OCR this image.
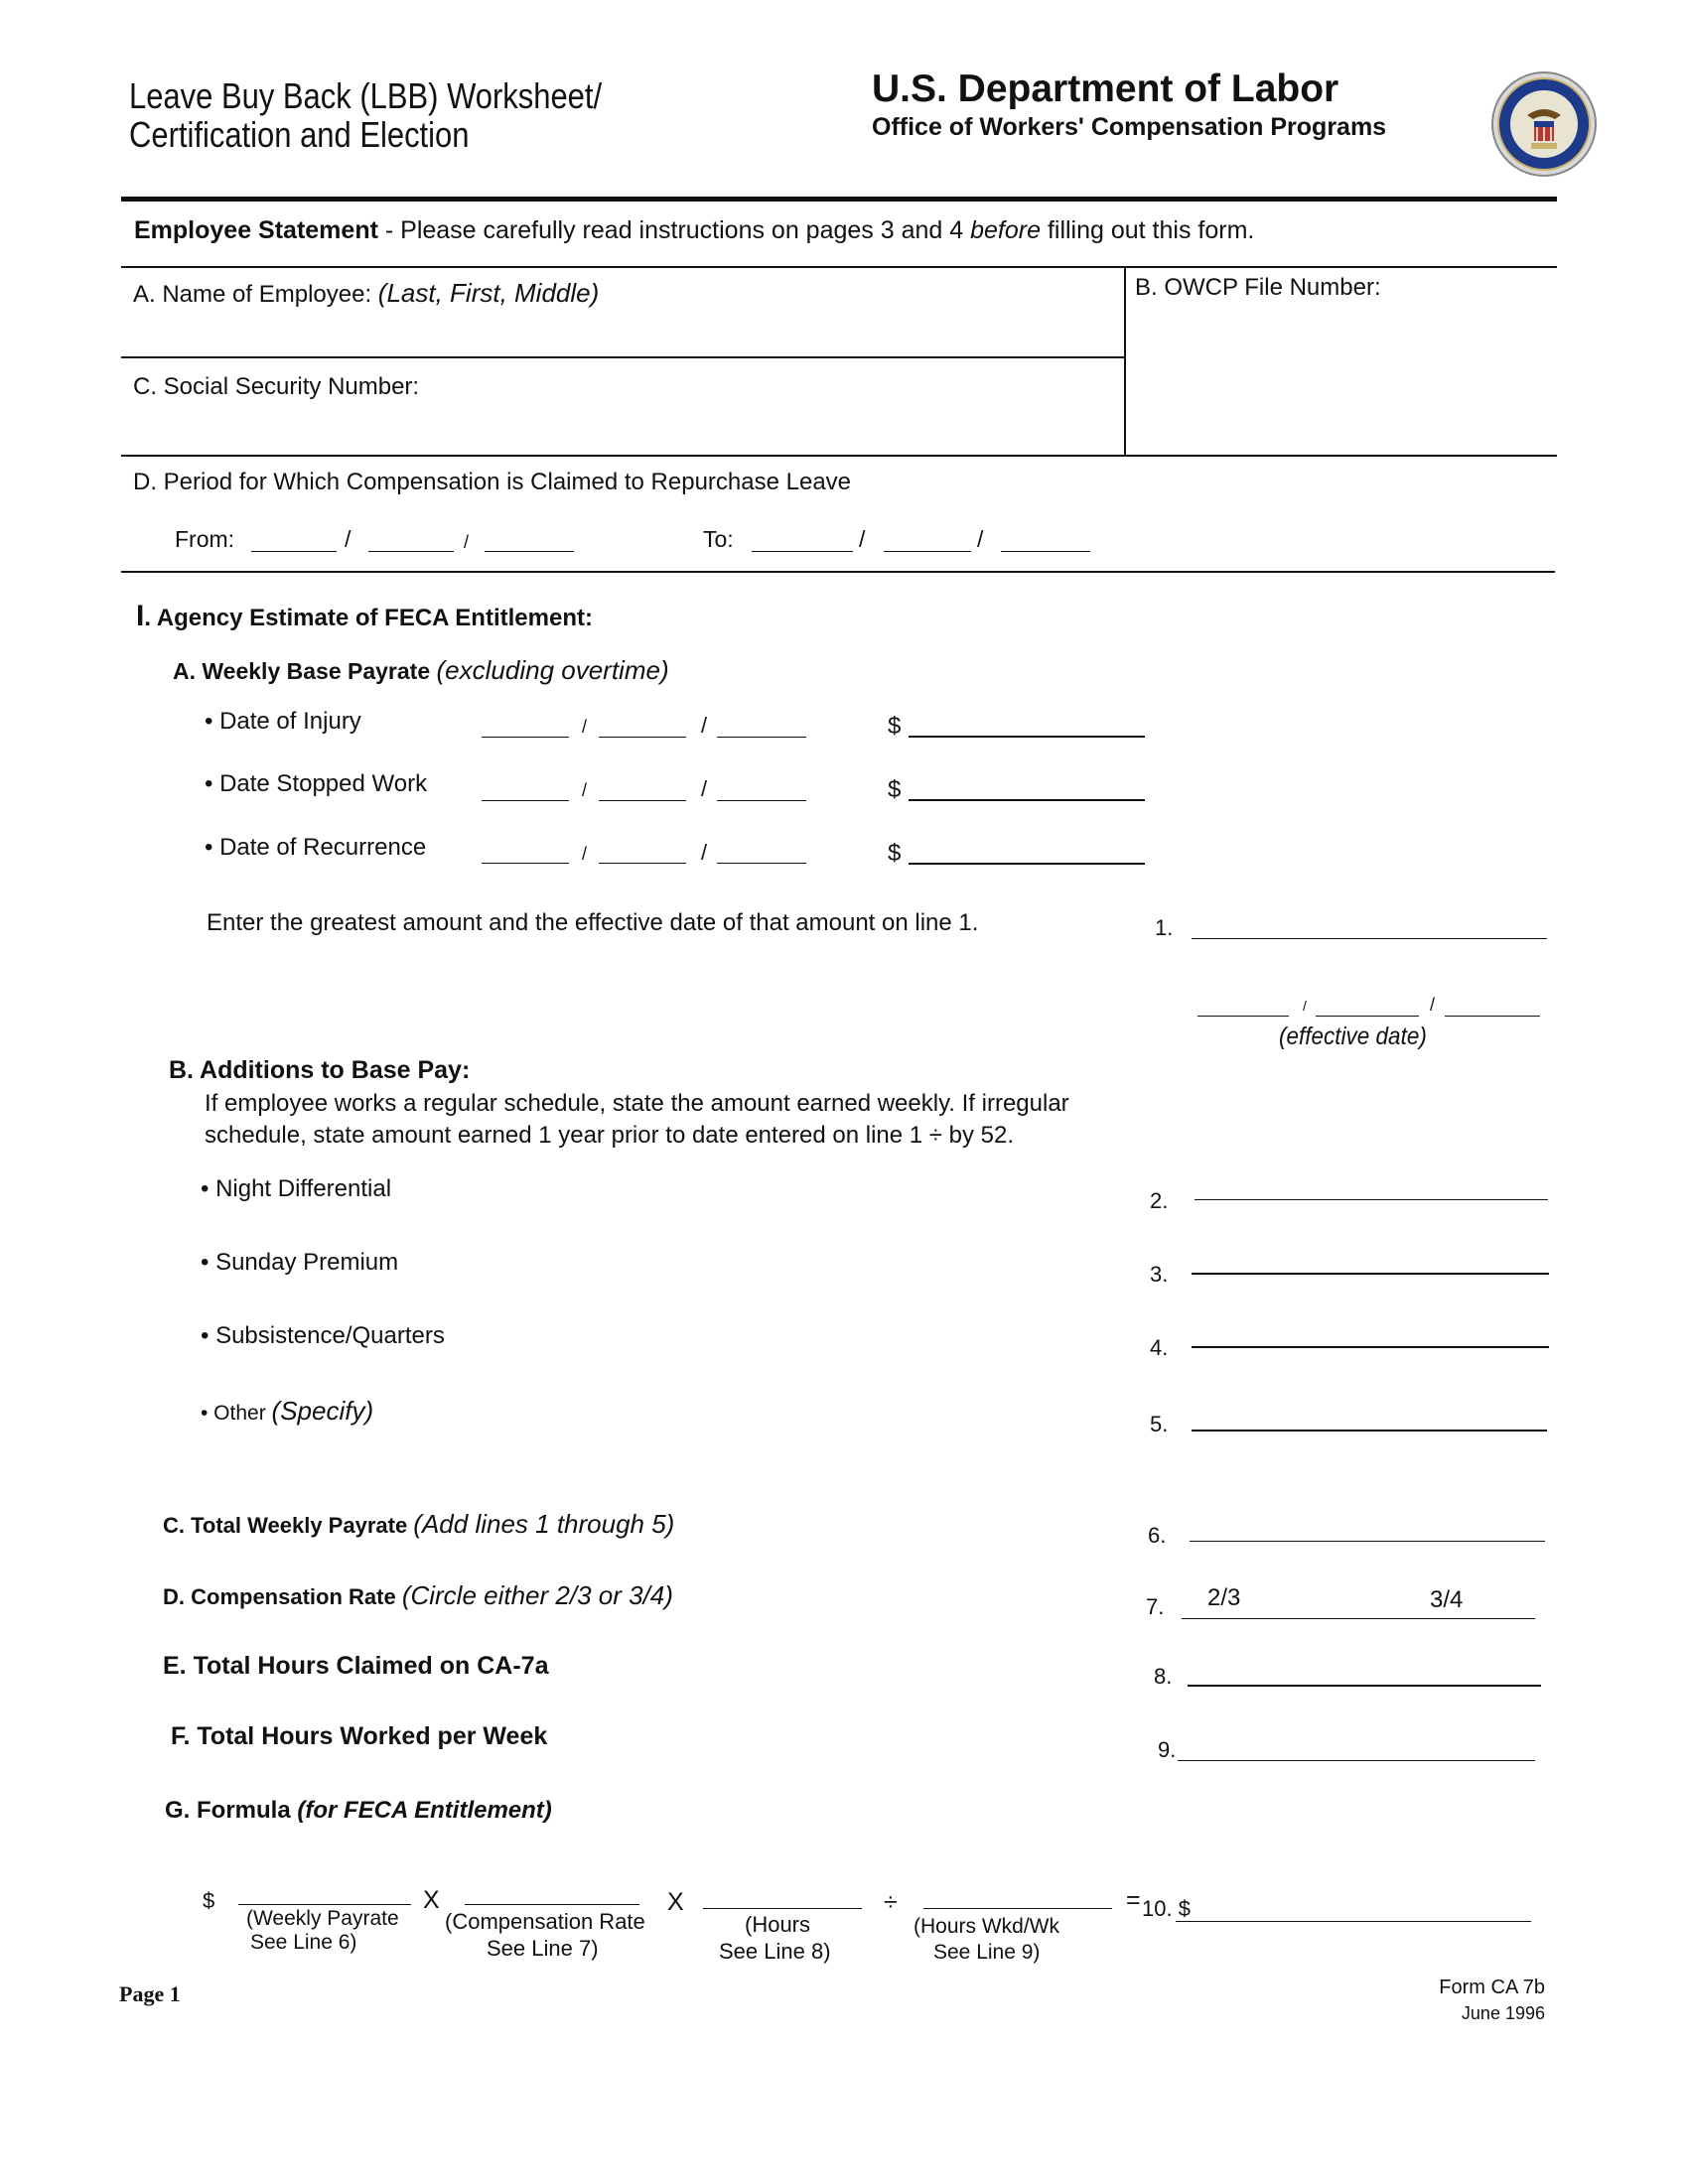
Leave Buy Back (LBB) Worksheet/
Certification and Election
U.S. Department of Labor
Office of Workers' Compensation Programs
Employee Statement - Please carefully read instructions on pages 3 and 4 before filling out this form.
A. Name of Employee: (Last, First, Middle)	B. OWCP File Number:
C. Social Security Number:
D. Period for Which Compensation is Claimed to Repurchase Leave
From:	/	/	To:	/	/
I. Agency Estimate of FECA Entitlement:
A. Weekly Base Payrate (excluding overtime)
• Date of Injury	/	/	$
• Date Stopped Work	/	/	$
• Date of Recurrence	/	/	$
Enter the greatest amount and the effective date of that amount on line 1.	1.
/	/
(effective date)
B. Additions to Base Pay:
If employee works a regular schedule, state the amount earned weekly. If irregular
schedule, state amount earned 1 year prior to date entered on line 1 ÷ by 52.
• Night Differential	2.
• Sunday Premium	3.
• Subsistence/Quarters	4.
• Other (Specify)	5.
C. Total Weekly Payrate (Add lines 1 through 5)	6.
D. Compensation Rate (Circle either 2/3 or 3/4)	7. 2/3	3/4
E. Total Hours Claimed on CA-7a	8.
F. Total Hours Worked per Week	9.
G. Formula (for FECA Entitlement)
$	X	X	÷	= 10. $
(Weekly Payrate
See Line 6)
(Compensation Rate
See Line 7)
(Hours
See Line 8)
(Hours Wkd/Wk
See Line 9)
Page 1	Form CA 7b
June 1996
